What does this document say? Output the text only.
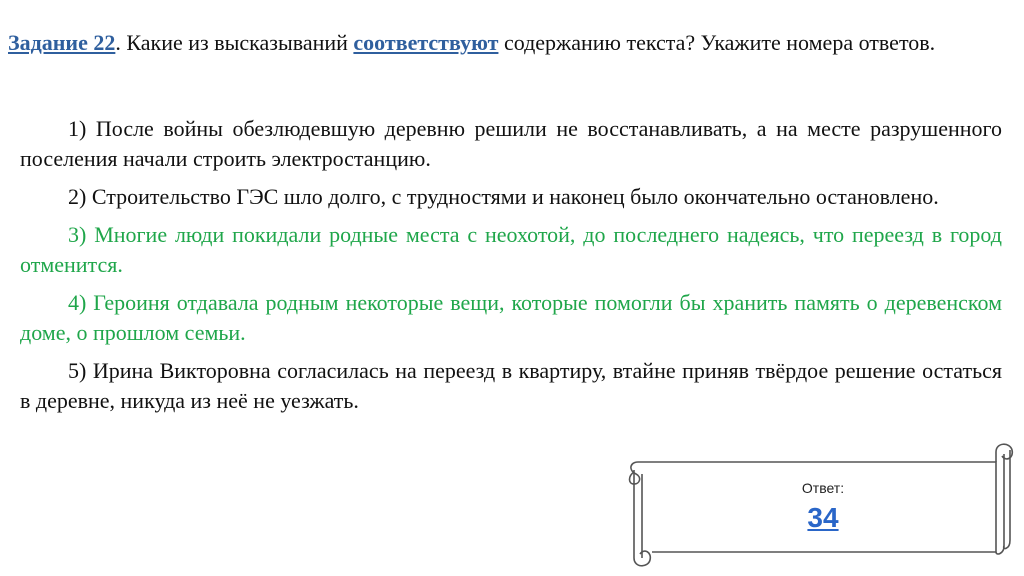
Задание 22. Какие из высказываний соответствуют содержанию текста? Укажите номера ответов.

1) После войны обезлюдевшую деревню решили не восстанавливать, а на месте разрушенного поселения начали строить электростанцию.

2) Строительство ГЭС шло долго, с трудностями и наконец было окончательно остановлено.

3) Многие люди покидали родные места с неохотой, до последнего надеясь, что переезд в город отменится.

4) Героиня отдавала родным некоторые вещи, которые помогли бы хранить память о деревенском доме, о прошлом семьи.

5) Ирина Викторовна согласилась на переезд в квартиру, втайне приняв твёрдое решение остаться в деревне, никуда из неё не уезжать.

Ответ:
34
